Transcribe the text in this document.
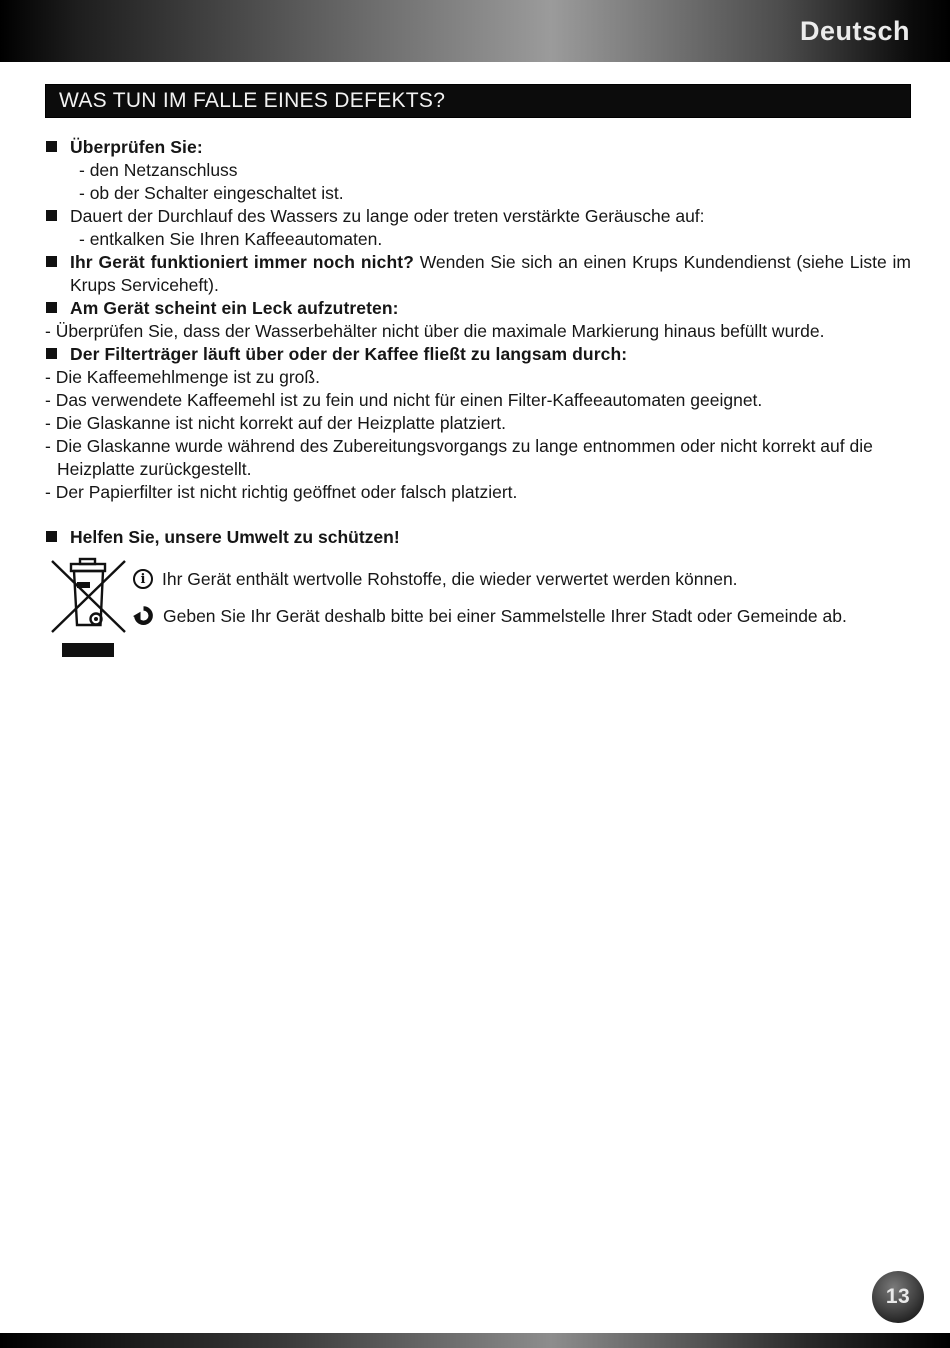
Deutsch
WAS TUN IM FALLE EINES DEFEKTS?
Überprüfen Sie:
- den Netzanschluss
- ob der Schalter eingeschaltet ist.
Dauert der Durchlauf des Wassers zu lange oder treten verstärkte Geräusche auf:
- entkalken Sie Ihren Kaffeeautomaten.
Ihr Gerät funktioniert immer noch nicht? Wenden Sie sich an einen Krups Kundendienst (siehe Liste im Krups Serviceheft).
Am Gerät scheint ein Leck aufzutreten:
- Überprüfen Sie, dass der Wasserbehälter nicht über die maximale Markierung hinaus befüllt wurde.
Der Filterträger läuft über oder der Kaffee fließt zu langsam durch:
- Die Kaffeemehlmenge ist zu groß.
- Das verwendete Kaffeemehl ist zu fein und nicht für einen Filter-Kaffeeautomaten geeignet.
- Die Glaskanne ist nicht korrekt auf der Heizplatte platziert.
- Die Glaskanne wurde während des Zubereitungsvorgangs zu lange entnommen oder nicht korrekt auf die Heizplatte zurückgestellt.
- Der Papierfilter ist nicht richtig geöffnet oder falsch platziert.
Helfen Sie, unsere Umwelt zu schützen!
i Ihr Gerät enthält wertvolle Rohstoffe, die wieder verwertet werden können.
Geben Sie Ihr Gerät deshalb bitte bei einer Sammelstelle Ihrer Stadt oder Gemeinde ab.
13
